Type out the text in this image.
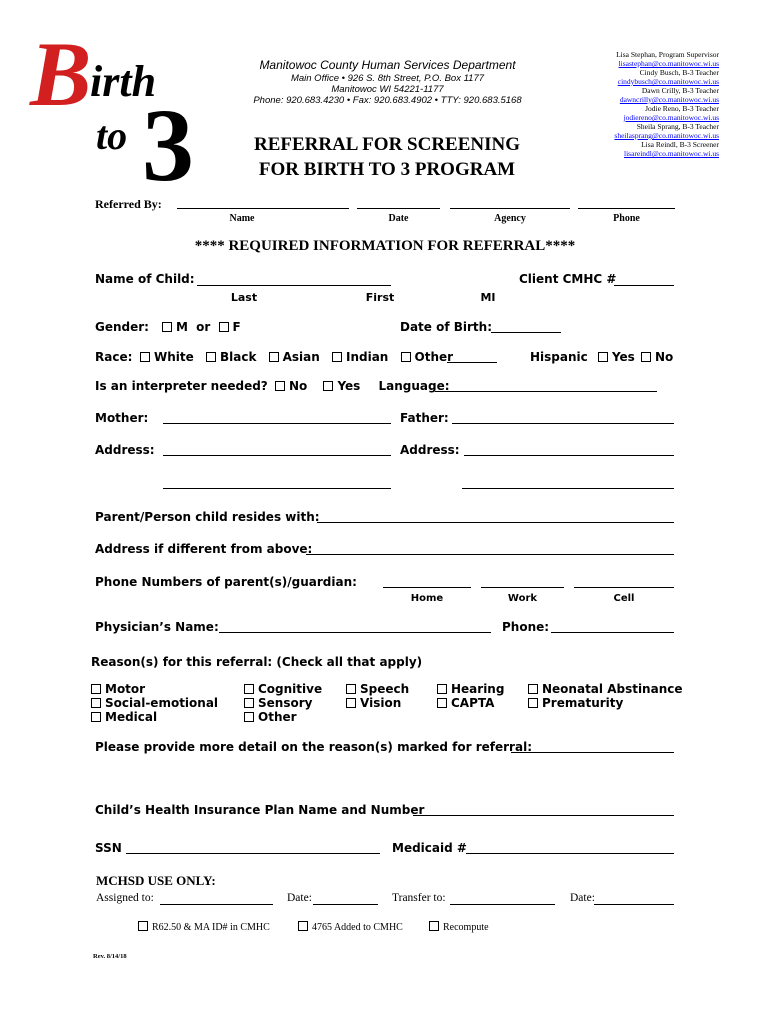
B
irth
to 3
Manitowoc County Human Services Department
Main Office • 926 S. 8th Street, P.O. Box 1177
Manitowoc WI 54221-1177
Phone: 920.683.4230 • Fax: 920.683.4902 • TTY: 920.683.5168
REFERRAL FOR SCREENING
FOR BIRTH TO 3 PROGRAM
Lisa Stephan, Program Supervisor
lisastephan@co.manitowoc.wi.us
Cindy Busch, B-3 Teacher
cindybusch@co.manitowoc.wi.us
Dawn Crilly, B-3 Teacher
dawncrilly@co.manitowoc.wi.us
Jodie Reno, B-3 Teacher
jodiereno@co.manitowoc.wi.us
Sheila Sprang, B-3 Teacher
sheilasprang@co.manitowoc.wi.us
Lisa Reindl, B-3 Screener
lisareindl@co.manitowoc.wi.us
Referred By:
Name	Date	Agency	Phone
**** REQUIRED INFORMATION FOR REFERRAL****
Name of Child:	Client CMHC #
Last	First	MI
Gender:	M or F	Date of Birth:
Race:	White Black Asian Indian Other	Hispanic Yes No
Is an interpreter needed? No	Yes Language:
Mother:	Father:
Address:	Address:
Parent/Person child resides with:
Address if different from above:
Phone Numbers of parent(s)/guardian:
Home	Work	Cell
Physician’s Name:	Phone:
Reason(s) for this referral: (Check all that apply)
Motor
Social-emotional
Medical
Cognitive
Sensory
Other
Speech
Vision
Hearing
CAPTA
Neonatal Abstinance
Prematurity
Please provide more detail on the reason(s) marked for referral:
Child’s Health Insurance Plan Name and Number
SSN	Medicaid #
MCHSD USE ONLY:
Assigned to:	Date:	Transfer to:	Date:
R62.50 & MA ID# in CMHC	4765 Added to CMHC	Recompute
Rev. 8/14/18
